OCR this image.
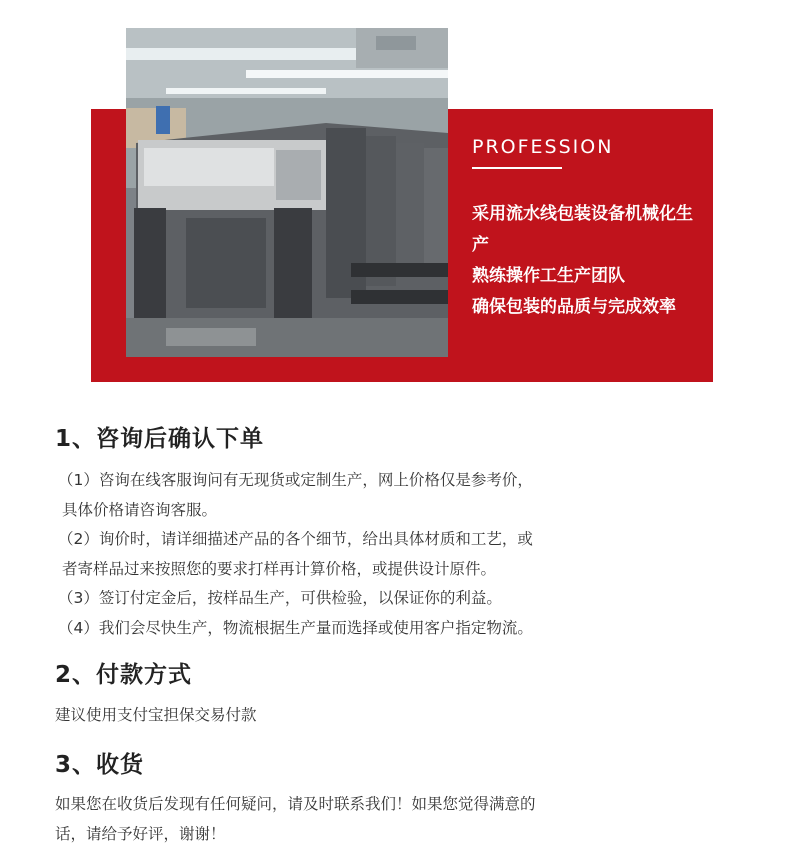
PROFESSION
采用流水线包装设备机械化生产
熟练操作工生产团队
确保包装的品质与完成效率
1、咨询后确认下单
（1）咨询在线客服询问有无现货或定制生产，网上价格仅是参考价，
具体价格请咨询客服。
（2）询价时，请详细描述产品的各个细节，给出具体材质和工艺，或
者寄样品过来按照您的要求打样再计算价格，或提供设计原件。
（3）签订付定金后，按样品生产，可供检验，以保证你的利益。
（4）我们会尽快生产，物流根据生产量而选择或使用客户指定物流。
2、付款方式
建议使用支付宝担保交易付款
3、收货
如果您在收货后发现有任何疑问，请及时联系我们！如果您觉得满意的
话，请给予好评，谢谢！
